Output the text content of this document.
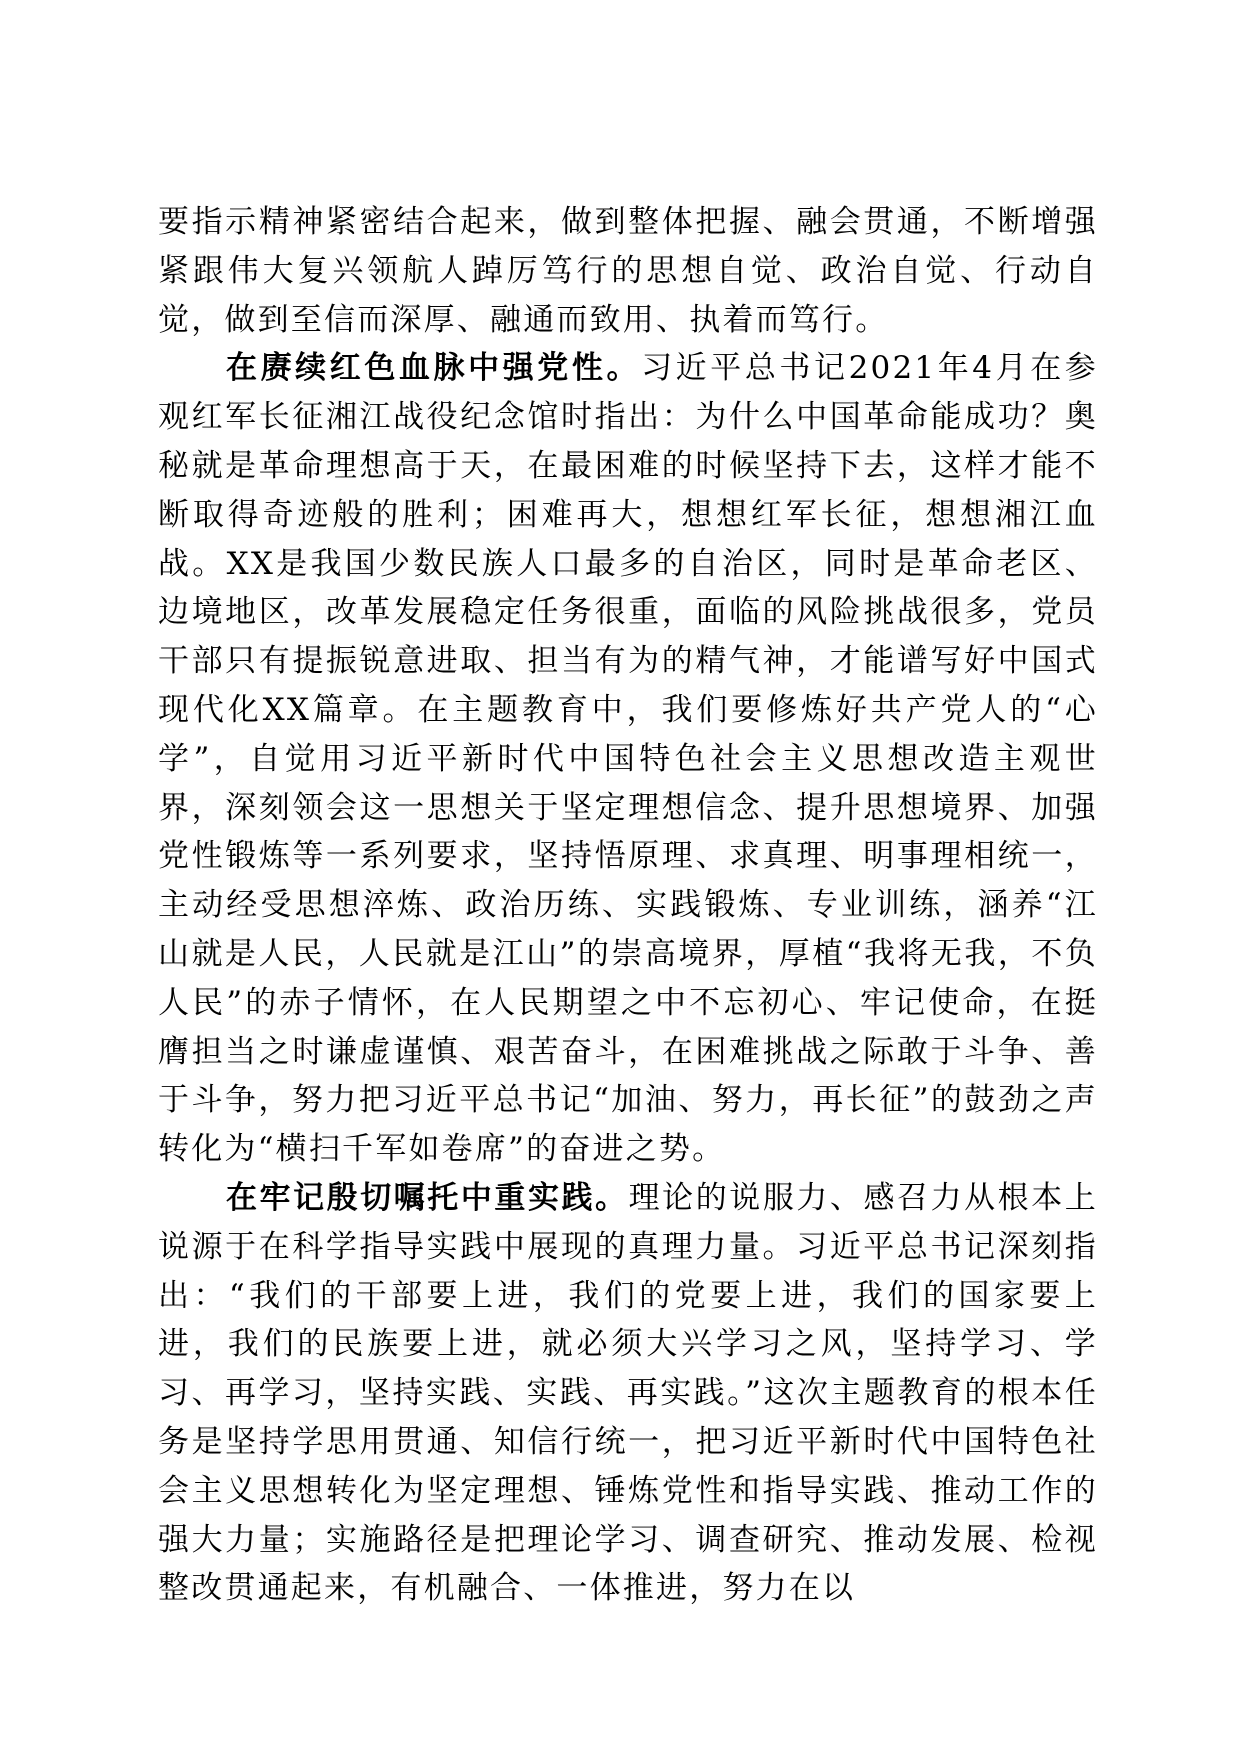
要指示精神紧密结合起来，做到整体把握、融会贯通，不断增强紧跟伟大复兴领航人踔厉笃行的思想自觉、政治自觉、行动自觉，做到至信而深厚、融通而致用、执着而笃行。

在赓续红色血脉中强党性。习近平总书记2021年4月在参观红军长征湘江战役纪念馆时指出：为什么中国革命能成功？奥秘就是革命理想高于天，在最困难的时候坚持下去，这样才能不断取得奇迹般的胜利；困难再大，想想红军长征，想想湘江血战。XX是我国少数民族人口最多的自治区，同时是革命老区、边境地区，改革发展稳定任务很重，面临的风险挑战很多，党员干部只有提振锐意进取、担当有为的精气神，才能谱写好中国式现代化XX篇章。在主题教育中，我们要修炼好共产党人的“心学”，自觉用习近平新时代中国特色社会主义思想改造主观世界，深刻领会这一思想关于坚定理想信念、提升思想境界、加强党性锻炼等一系列要求，坚持悟原理、求真理、明事理相统一，主动经受思想淬炼、政治历练、实践锻炼、专业训练，涵养“江山就是人民，人民就是江山”的崇高境界，厚植“我将无我，不负人民”的赤子情怀，在人民期望之中不忘初心、牢记使命，在挺膺担当之时谦虚谨慎、艰苦奋斗，在困难挑战之际敢于斗争、善于斗争，努力把习近平总书记“加油、努力，再长征”的鼓劲之声转化为“横扫千军如卷席”的奋进之势。

在牢记殷切嘱托中重实践。理论的说服力、感召力从根本上说源于在科学指导实践中展现的真理力量。习近平总书记深刻指出：“我们的干部要上进，我们的党要上进，我们的国家要上进，我们的民族要上进，就必须大兴学习之风，坚持学习、学习、再学习，坚持实践、实践、再实践。”这次主题教育的根本任务是坚持学思用贯通、知信行统一，把习近平新时代中国特色社会主义思想转化为坚定理想、锤炼党性和指导实践、推动工作的强大力量；实施路径是把理论学习、调查研究、推动发展、检视整改贯通起来，有机融合、一体推进，努力在以
